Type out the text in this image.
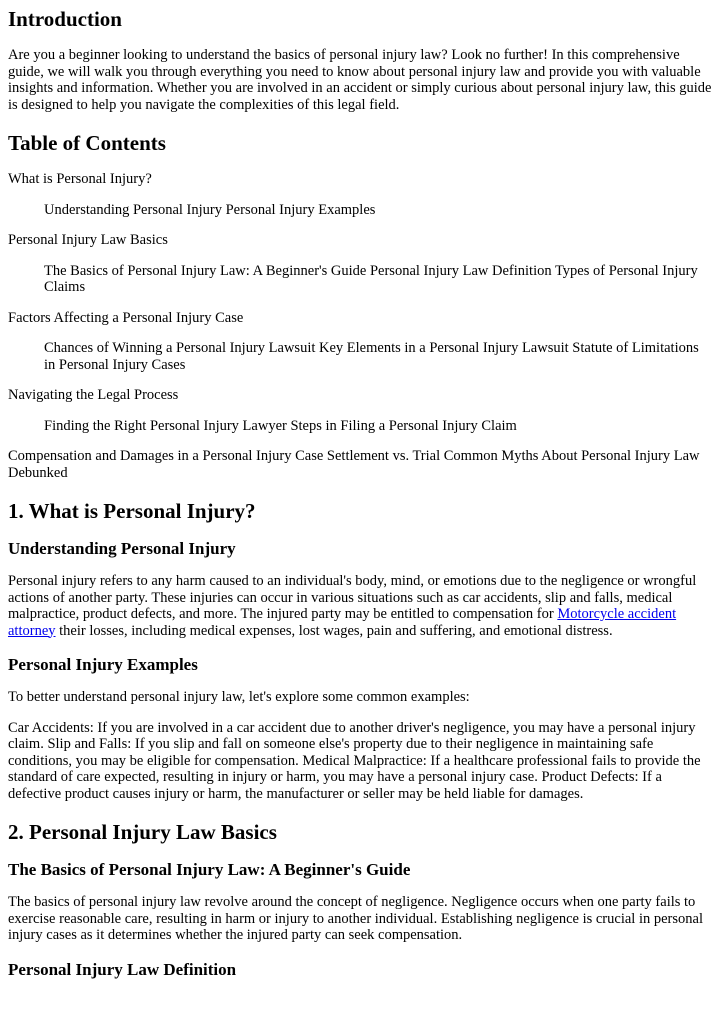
Introduction

Are you a beginner looking to understand the basics of personal injury law? Look no further! In this comprehensive guide, we will walk you through everything you need to know about personal injury law and provide you with valuable insights and information. Whether you are involved in an accident or simply curious about personal injury law, this guide is designed to help you navigate the complexities of this legal field.

Table of Contents

What is Personal Injury?

Understanding Personal Injury Personal Injury Examples

Personal Injury Law Basics

The Basics of Personal Injury Law: A Beginner's Guide Personal Injury Law Definition Types of Personal Injury Claims

Factors Affecting a Personal Injury Case

Chances of Winning a Personal Injury Lawsuit Key Elements in a Personal Injury Lawsuit Statute of Limitations in Personal Injury Cases

Navigating the Legal Process

Finding the Right Personal Injury Lawyer Steps in Filing a Personal Injury Claim

Compensation and Damages in a Personal Injury Case Settlement vs. Trial Common Myths About Personal Injury Law Debunked

1. What is Personal Injury?
Understanding Personal Injury

Personal injury refers to any harm caused to an individual's body, mind, or emotions due to the negligence or wrongful actions of another party. These injuries can occur in various situations such as car accidents, slip and falls, medical malpractice, product defects, and more. The injured party may be entitled to compensation for Motorcycle accident attorney their losses, including medical expenses, lost wages, pain and suffering, and emotional distress.

Personal Injury Examples

To better understand personal injury law, let's explore some common examples:

Car Accidents: If you are involved in a car accident due to another driver's negligence, you may have a personal injury claim. Slip and Falls: If you slip and fall on someone else's property due to their negligence in maintaining safe conditions, you may be eligible for compensation. Medical Malpractice: If a healthcare professional fails to provide the standard of care expected, resulting in injury or harm, you may have a personal injury case. Product Defects: If a defective product causes injury or harm, the manufacturer or seller may be held liable for damages.

2. Personal Injury Law Basics
The Basics of Personal Injury Law: A Beginner's Guide

The basics of personal injury law revolve around the concept of negligence. Negligence occurs when one party fails to exercise reasonable care, resulting in harm or injury to another individual. Establishing negligence is crucial in personal injury cases as it determines whether the injured party can seek compensation.

Personal Injury Law Definition
